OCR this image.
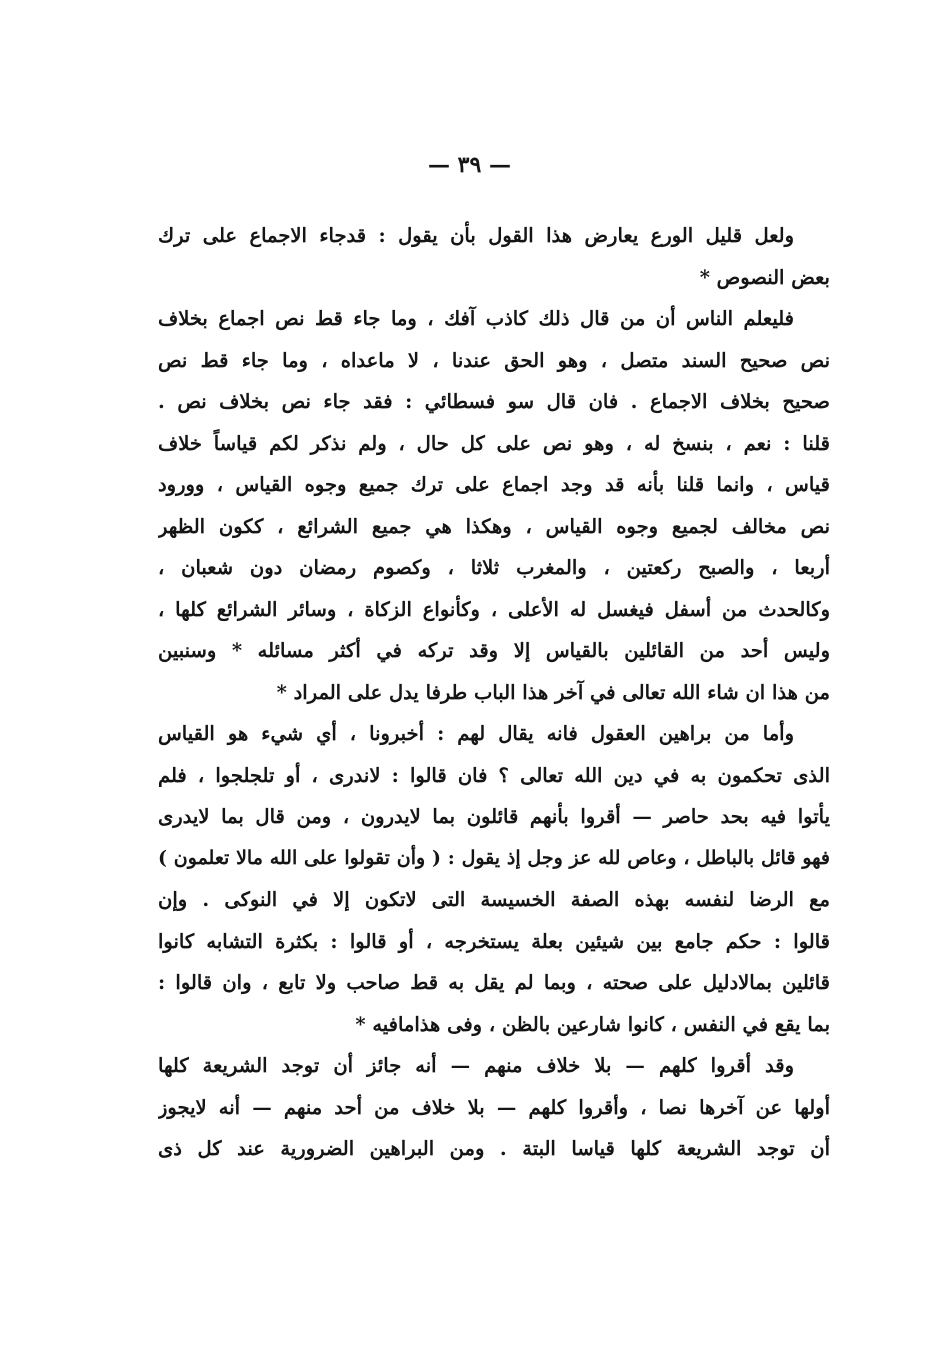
— ٣٩ —
ولعل قليل الورع يعارض هذا القول بأن يقول : قدجاء الاجماع على ترك
بعض النصوص *
فليعلم الناس أن من قال ذلك كاذب آفك ، وما جاء قط نص اجماع بخلاف
نص صحيح السند متصل ، وهو الحق عندنا ، لا ماعداه ، وما جاء قط نص
صحيح بخلاف الاجماع . فان قال سو فسطائي : فقد جاء نص بخلاف نص .
قلنا : نعم ، بنسخ له ، وهو نص على كل حال ، ولم نذكر لكم قياساً خلاف
قياس ، وانما قلنا بأنه قد وجد اجماع على ترك جميع وجوه القياس ، وورود
نص مخالف لجميع وجوه القياس ، وهكذا هي جميع الشرائع ، ككون الظهر
أربعا ، والصبح ركعتين ، والمغرب ثلاثا ، وكصوم رمضان دون شعبان ،
وكالحدث من أسفل فيغسل له الأعلى ، وكأنواع الزكاة ، وسائر الشرائع كلها ،
وليس أحد من القائلين بالقياس إلا وقد تركه في أكثر مسائله * وسنبين
من هذا ان شاء الله تعالى في آخر هذا الباب طرفا يدل على المراد *
وأما من براهين العقول فانه يقال لهم : أخبرونا ، أي شيء هو القياس
الذى تحكمون به في دين الله تعالى ؟ فان قالوا : لاندرى ، أو تلجلجوا ، فلم
يأتوا فيه بحد حاصر — أقروا بأنهم قائلون بما لايدرون ، ومن قال بما لايدرى
فهو قائل بالباطل ، وعاص لله عز وجل إذ يقول : ( وأن تقولوا على الله مالا تعلمون )
مع الرضا لنفسه بهذه الصفة الخسيسة التى لاتكون إلا في النوكى . وإن
قالوا : حكم جامع بين شيئين بعلة يستخرجه ، أو قالوا : بكثرة التشابه كانوا
قائلين بمالادليل على صحته ، وبما لم يقل به قط صاحب ولا تابع ، وان قالوا :
بما يقع في النفس ، كانوا شارعين بالظن ، وفى هذامافيه *
وقد أقروا كلهم — بلا خلاف منهم — أنه جائز أن توجد الشريعة كلها
أولها عن آخرها نصا ، وأقروا كلهم — بلا خلاف من أحد منهم — أنه لايجوز
أن توجد الشريعة كلها قياسا البتة . ومن البراهين الضرورية عند كل ذى
